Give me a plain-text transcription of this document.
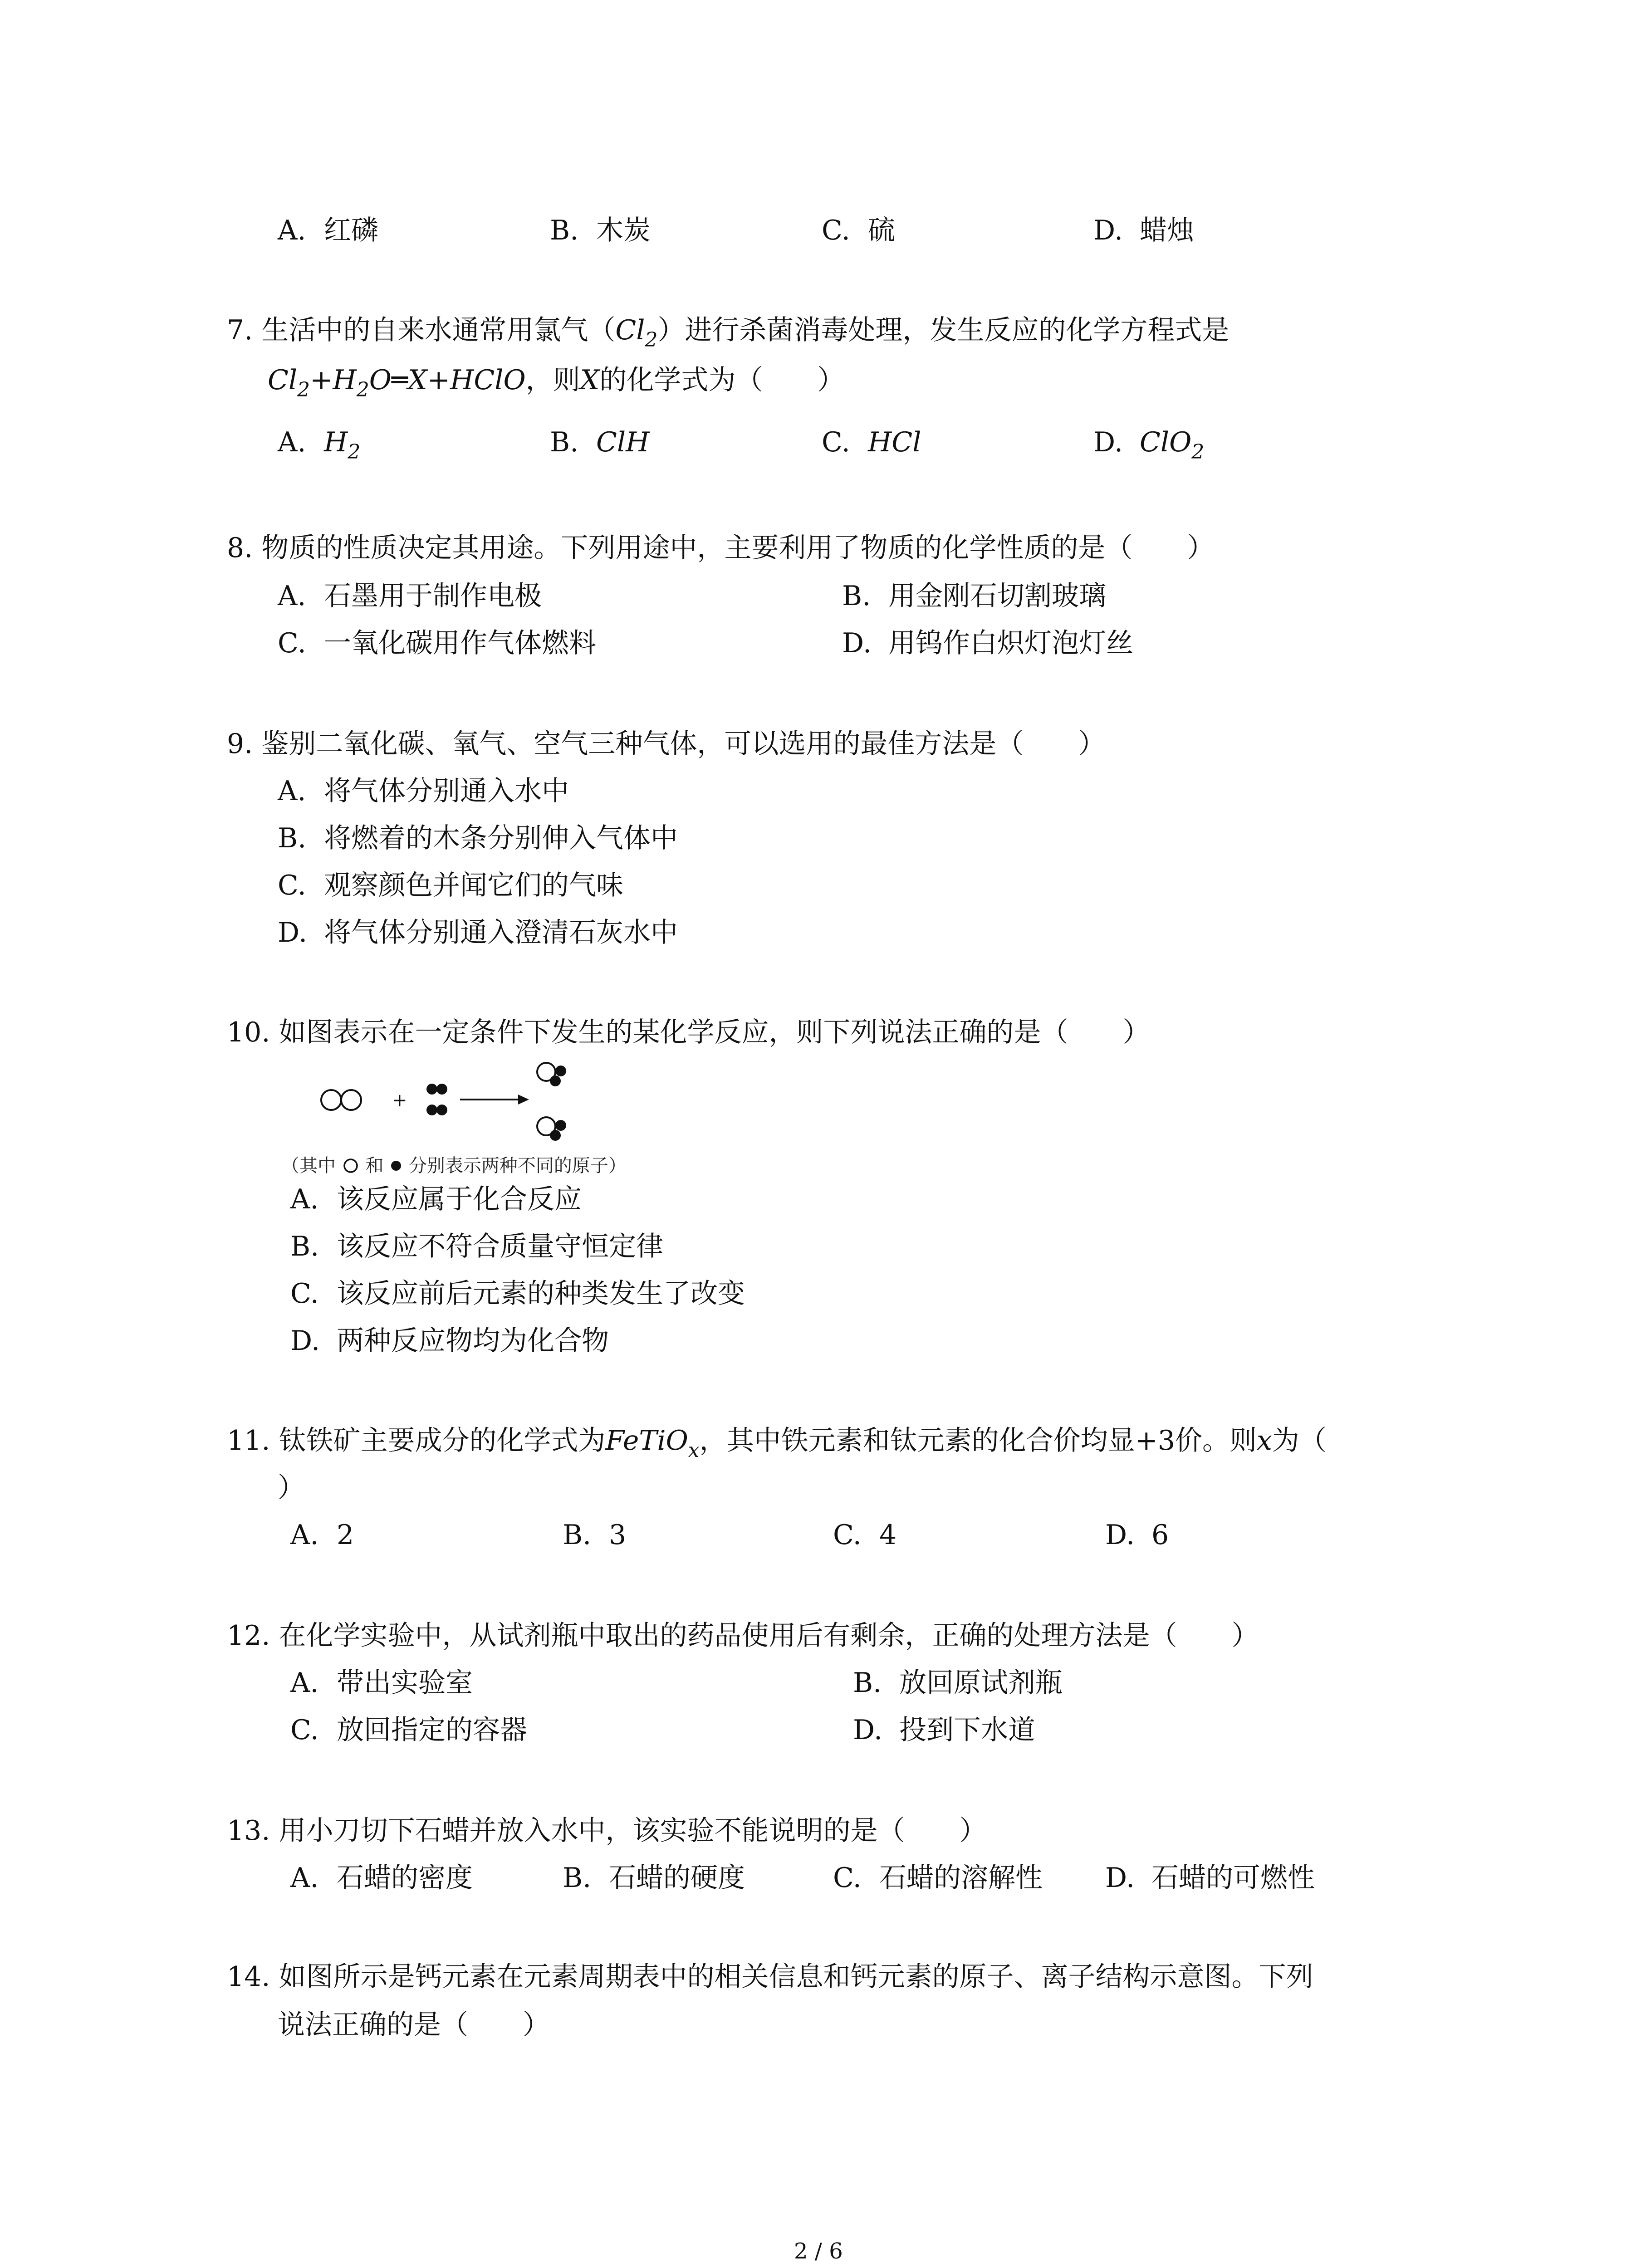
A. 红磷	B. 木炭	C. 硫	D. 蜡烛
7. 生活中的自来水通常用氯气$(Cl_2)$进行杀菌消毒处理，发生反应的化学方程式是
$Cl_2+H_2O═X+HClO$，则X的化学式为（　　）
A. $H_2$	B. ClH	C. HCl	D. ClO$_2$
8. 物质的性质决定其用途。下列用途中，主要利用了物质的化学性质的是（　　）
A. 石墨用于制作电极	B. 用金刚石切割玻璃
C. 一氧化碳用作气体燃料	D. 用钨作白炽灯泡灯丝
9. 鉴别二氧化碳、氧气、空气三种气体，可以选用的最佳方法是（　　）
A. 将气体分别通入水中
B. 将燃着的木条分别伸入气体中
C. 观察颜色并闻它们的气味
D. 将气体分别通入澄清石灰水中
10. 如图表示在一定条件下发生的某化学反应，则下列说法正确的是（　　）
+
（其中 和 分别表示两种不同的原子）
A. 该反应属于化合反应
B. 该反应不符合质量守恒定律
C. 该反应前后元素的种类发生了改变
D. 两种反应物均为化合物
11. 钛铁矿主要成分的化学式为FeTiO$_x$，其中铁元素和钛元素的化合价均显+3价。则x为（
）
A. 2	B. 3	C. 4	D. 6
12. 在化学实验中，从试剂瓶中取出的药品使用后有剩余，正确的处理方法是（　　）
A. 带出实验室	B. 放回原试剂瓶
C. 放回指定的容器	D. 投到下水道
13. 用小刀切下石蜡并放入水中，该实验不能说明的是（　　）
A. 石蜡的密度	B. 石蜡的硬度	C. 石蜡的溶解性 D. 石蜡的可燃性
14. 如图所示是钙元素在元素周期表中的相关信息和钙元素的原子、离子结构示意图。下列
说法正确的是（　　）
2 / 6
